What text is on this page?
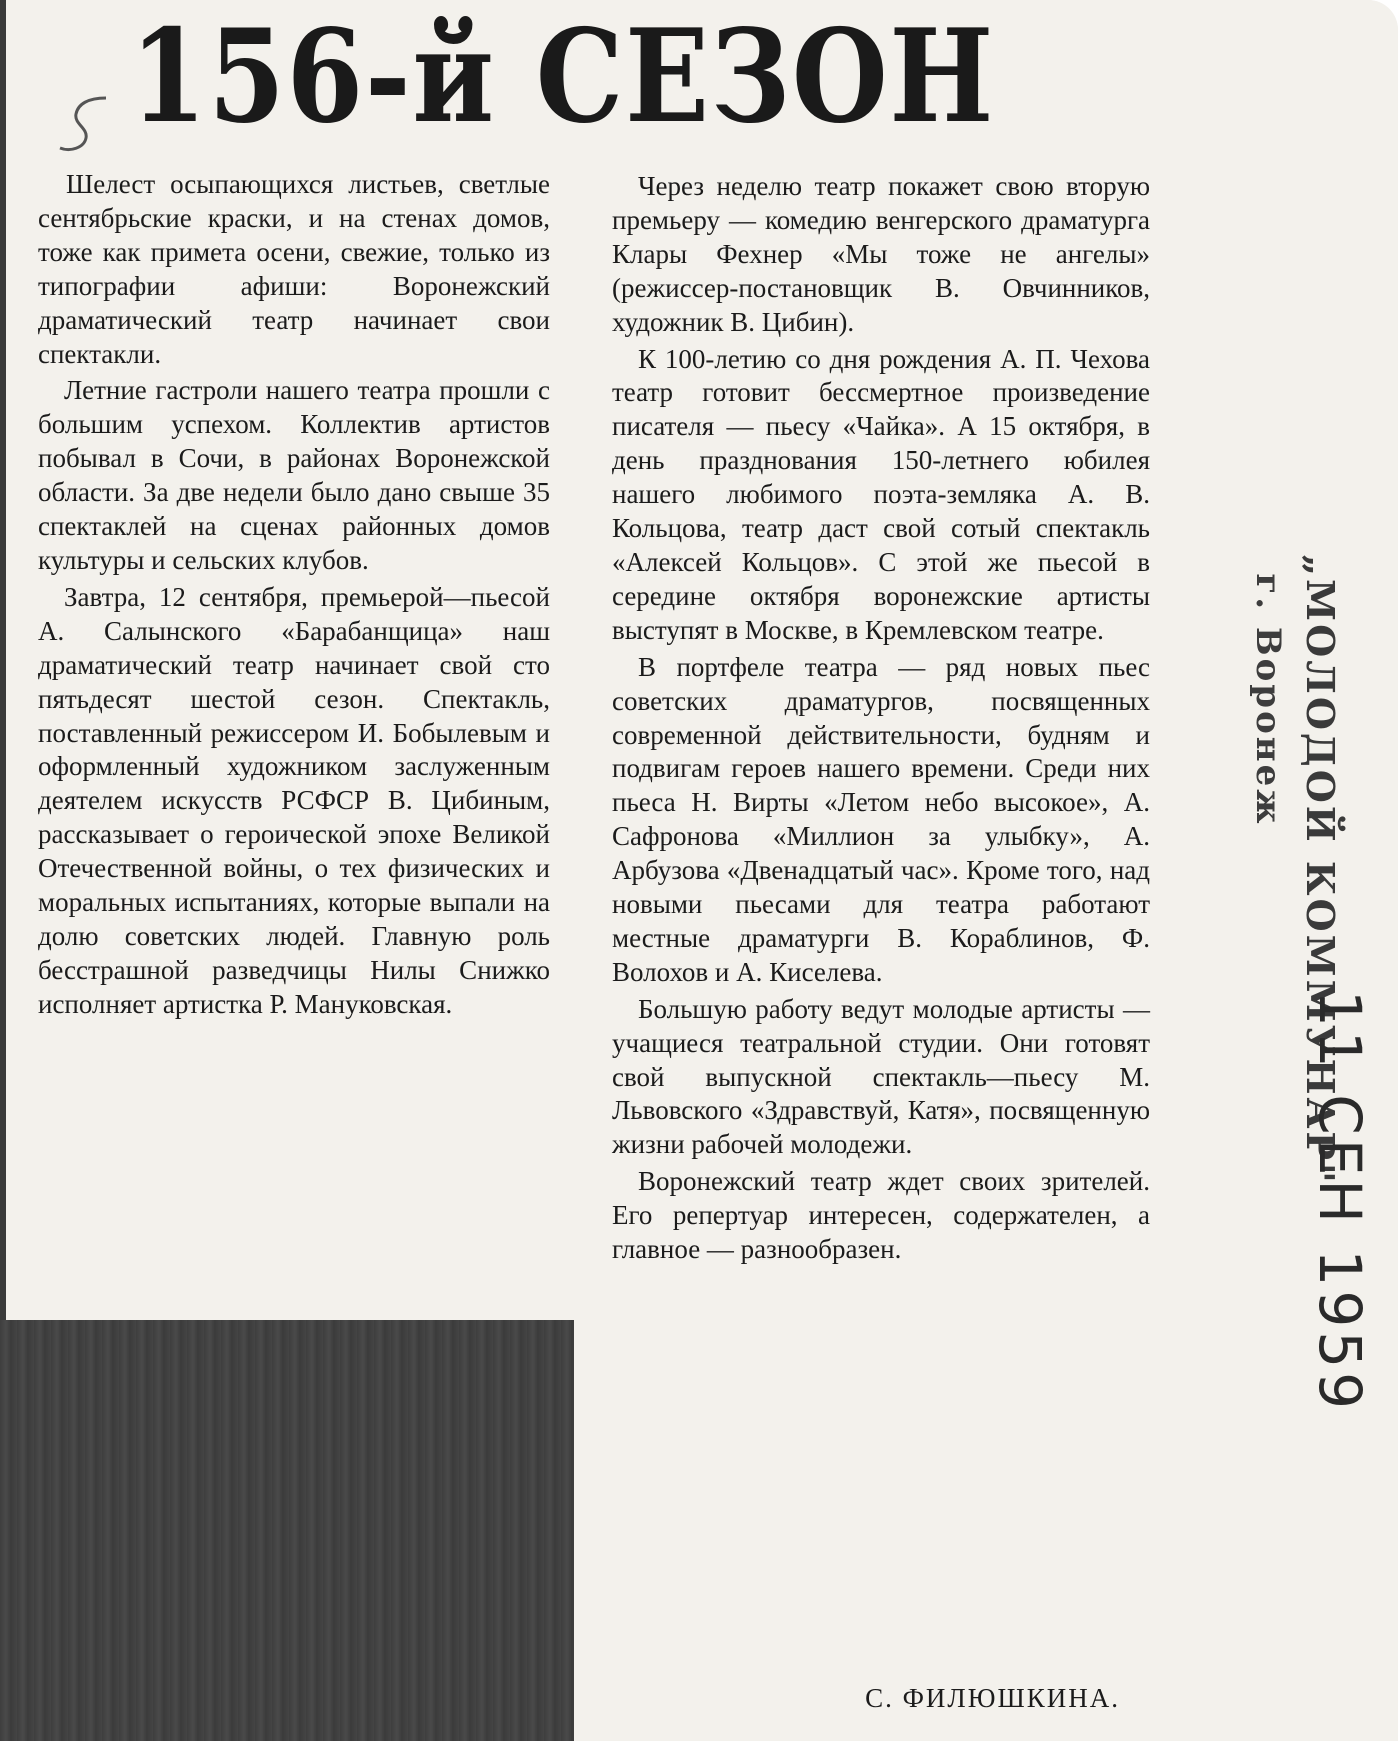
156-й СЕЗОН

Шелест осыпающихся листьев, светлые сентябрьские краски, и на стенах домов, тоже как примета осени, свежие, только из типографии афиши: Воронежский драматический театр начинает свои спектакли.

Летние гастроли нашего театра прошли с большим успехом. Коллектив артистов побывал в Сочи, в районах Воронежской области. За две недели было дано свыше 35 спектаклей на сценах районных домов культуры и сельских клубов.

Завтра, 12 сентября, премьерой—пьесой А. Салынского «Барабанщица» наш драматический театр начинает свой сто пятьдесят шестой сезон. Спектакль, поставленный режиссером И. Бобылевым и оформленный художником заслуженным деятелем искусств РСФСР В. Цибиным, рассказывает о героической эпохе Великой Отечественной войны, о тех физических и моральных испытаниях, которые выпали на долю советских людей. Главную роль бесстрашной разведчицы Нилы Снижко исполняет артистка Р. Мануковская.

Через неделю театр покажет свою вторую премьеру — комедию венгерского драматурга Клары Фехнер «Мы тоже не ангелы» (режиссер-постановщик В. Овчинников, художник В. Цибин).

К 100-летию со дня рождения А. П. Чехова театр готовит бессмертное произведение писателя — пьесу «Чайка». А 15 октября, в день празднования 150-летнего юбилея нашего любимого поэта-земляка А. В. Кольцова, театр даст свой сотый спектакль «Алексей Кольцов». С этой же пьесой в середине октября воронежские артисты выступят в Москве, в Кремлевском театре.

В портфеле театра — ряд новых пьес советских драматургов, посвященных современной действительности, будням и подвигам героев нашего времени. Среди них пьеса Н. Вирты «Летом небо высокое», А. Сафронова «Миллион за улыбку», А. Арбузова «Двенадцатый час». Кроме того, над новыми пьесами для театра работают местные драматурги В. Кораблинов, Ф. Волохов и А. Киселева.

Большую работу ведут молодые артисты — учащиеся театральной студии. Они готовят свой выпускной спектакль—пьесу М. Львовского «Здравствуй, Катя», посвященную жизни рабочей молодежи.

Воронежский театр ждет своих зрителей. Его репертуар интересен, содержателен, а главное — разнообразен.

С. ФИЛЮШКИНА.
„МОЛОДОЙ КОММУНАР"
г. Воронеж
11 СЕН 1959
